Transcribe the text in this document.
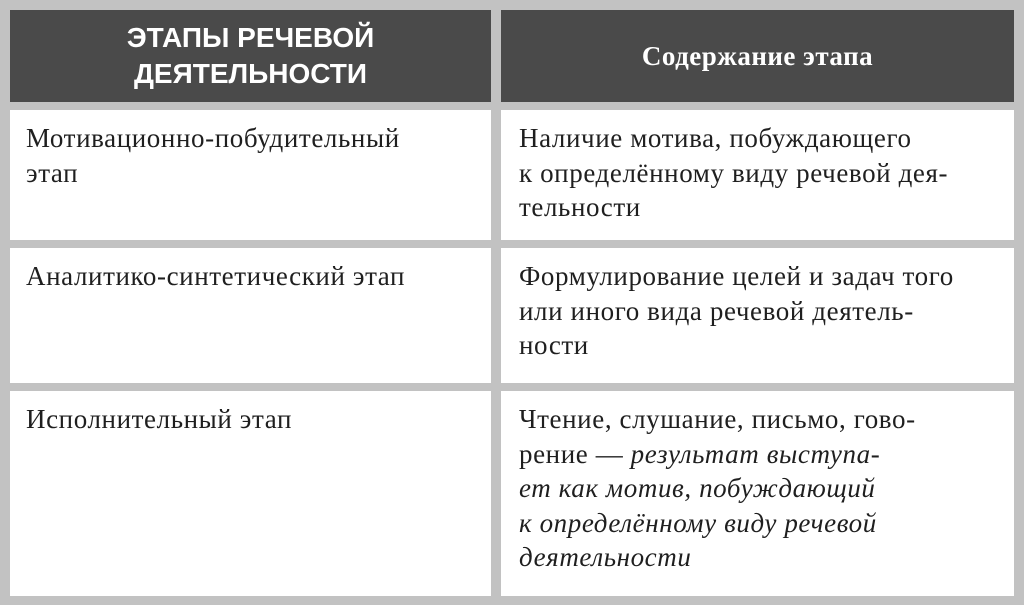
ЭТАПЫ РЕЧЕВОЙ
ДЕЯТЕЛЬНОСТИ
Содержание этапа
Мотивационно-побудительный
этап
Наличие мотива, побуждающего
к определённому виду речевой дея-
тельности
Аналитико-синтетический этап	Формулирование целей и задач того
или иного вида речевой деятель-
ности
Исполнительный этап	Чтение, слушание, письмо, гово-
рение — результат выступа-
ет как мотив, побуждающий
к определённому виду речевой
деятельности
